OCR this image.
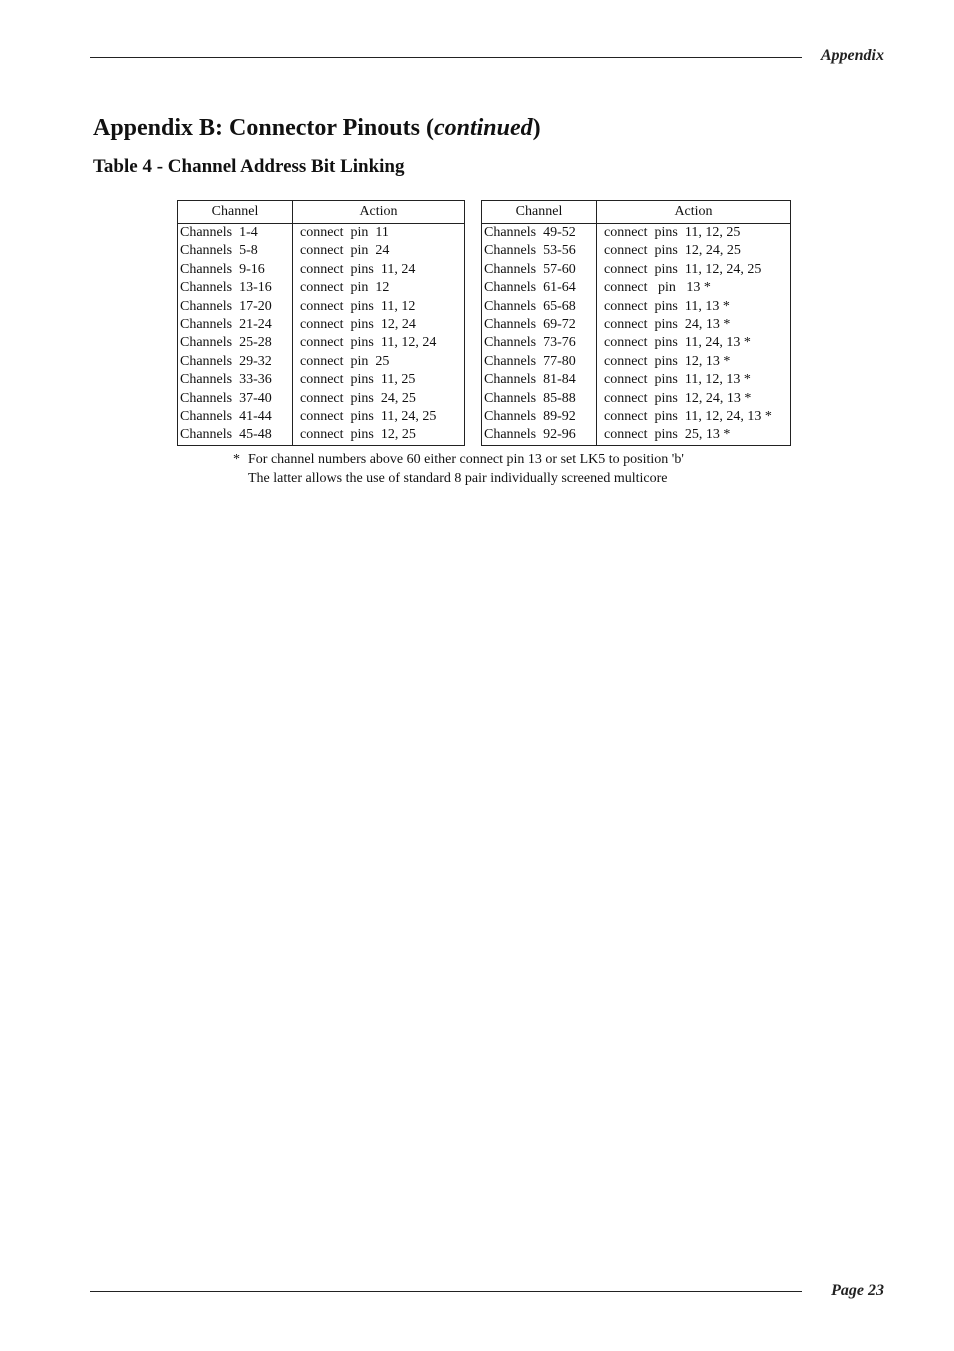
Appendix
Appendix B: Connector Pinouts (continued)
Table 4 - Channel Address Bit Linking
Channel	Action
Channels  1-4	connect  pin  11
Channels  5-8	connect  pin  24
Channels  9-16	connect  pins  11, 24
Channels  13-16	connect  pin  12
Channels  17-20	connect  pins  11, 12
Channels  21-24	connect  pins  12, 24
Channels  25-28	connect  pins  11, 12, 24
Channels  29-32	connect  pin  25
Channels  33-36	connect  pins  11, 25
Channels  37-40	connect  pins  24, 25
Channels  41-44	connect  pins  11, 24, 25
Channels  45-48	connect  pins  12, 25
Channel	Action
Channels  49-52	connect  pins  11, 12, 25
Channels  53-56	connect  pins  12, 24, 25
Channels  57-60	connect  pins  11, 12, 24, 25
Channels  61-64	connect   pin   13 *
Channels  65-68	connect  pins  11, 13 *
Channels  69-72	connect  pins  24, 13 *
Channels  73-76	connect  pins  11, 24, 13 *
Channels  77-80	connect  pins  12, 13 *
Channels  81-84	connect  pins  11, 12, 13 *
Channels  85-88	connect  pins  12, 24, 13 *
Channels  89-92	connect  pins  11, 12, 24, 13 *
Channels  92-96	connect  pins  25, 13 *
* For channel numbers above 60 either connect pin 13 or set LK5 to position 'b'
The latter allows the use of standard 8 pair individually screened multicore
Page 23
